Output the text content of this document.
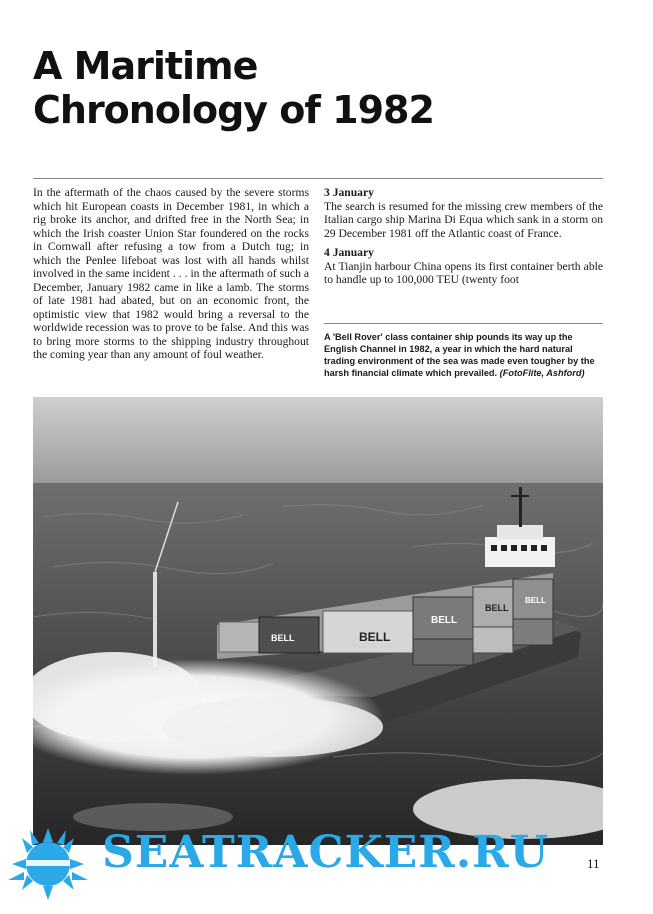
A Maritime
Chronology of 1982

In the aftermath of the chaos caused by the severe storms which hit European coasts in December 1981, in which a rig broke its anchor, and drifted free in the North Sea; in which the Irish coaster Union Star foundered on the rocks in Cornwall after refusing a tow from a Dutch tug; in which the Penlee lifeboat was lost with all hands whilst involved in the same incident . . . in the aftermath of such a December, January 1982 came in like a lamb. The storms of late 1981 had abated, but on an economic front, the optimistic view that 1982 would bring a reversal to the worldwide recession was to prove to be false. And this was to bring more storms to the shipping industry throughout the coming year than any amount of foul weather.

3 January

The search is resumed for the missing crew members of the Italian cargo ship Marina Di Equa which sank in a storm on 29 December 1981 off the Atlantic coast of France.

4 January

At Tianjin harbour China opens its first container berth able to handle up to 100,000 TEU (twenty foot

A 'Bell Rover' class container ship pounds its way up the English Channel in 1982, a year in which the hard natural trading environment of the sea was made even tougher by the harsh financial climate which prevailed. (FotoFlite, Ashford)

BELL	BELL
BELL
BELL
BELL
SEATRACKER.RU	11
